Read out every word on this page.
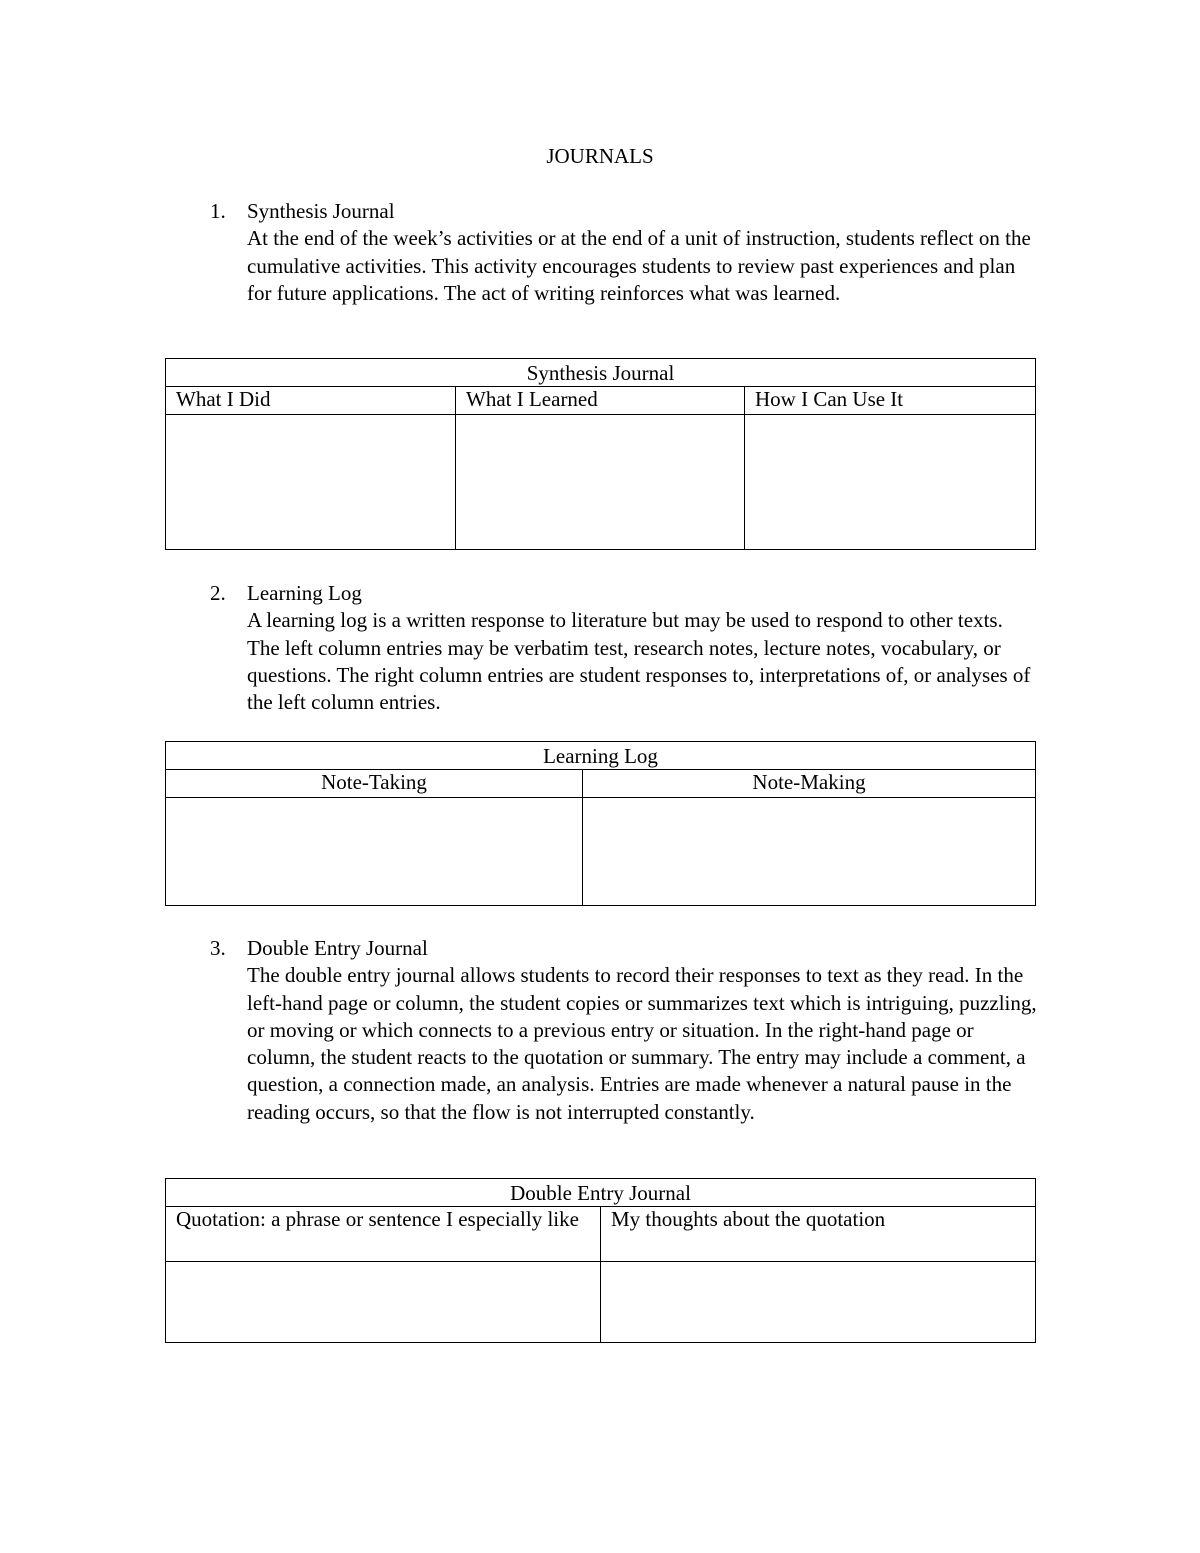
JOURNALS
1. Synthesis Journal
At the end of the week’s activities or at the end of a unit of instruction, students reflect on the cumulative activities. This activity encourages students to review past experiences and plan for future applications. The act of writing reinforces what was learned.
Synthesis Journal		
What I Did	What I Learned	How I Can Use It

2. Learning Log
A learning log is a written response to literature but may be used to respond to other texts. The left column entries may be verbatim test, research notes, lecture notes, vocabulary, or questions. The right column entries are student responses to, interpretations of, or analyses of the left column entries.
Learning Log	
Note-Taking	Note-Making

3. Double Entry Journal
The double entry journal allows students to record their responses to text as they read. In the left-hand page or column, the student copies or summarizes text which is intriguing, puzzling, or moving or which connects to a previous entry or situation. In the right-hand page or column, the student reacts to the quotation or summary. The entry may include a comment, a question, a connection made, an analysis. Entries are made whenever a natural pause in the reading occurs, so that the flow is not interrupted constantly.
Double Entry Journal	
Quotation: a phrase or sentence I especially like	My thoughts about the quotation
